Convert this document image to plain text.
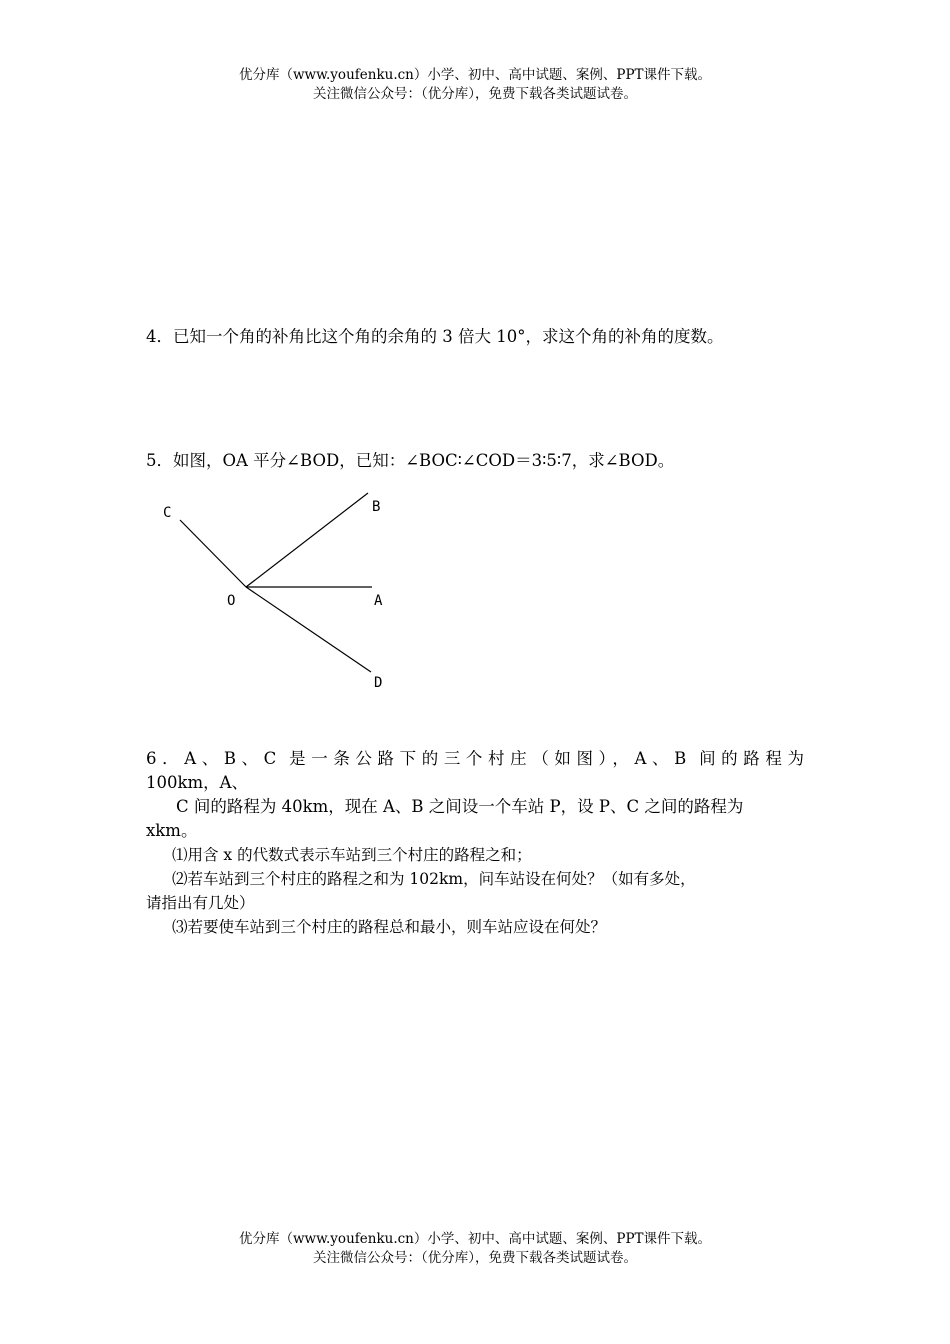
优分库（www.youfenku.cn）小学、初中、高中试题、案例、PPT课件下载。
关注微信公众号：（优分库），免费下载各类试题试卷。
4．已知一个角的补角比这个角的余角的 3 倍大 10°，求这个角的补角的度数。
5．如图，OA 平分∠BOD，已知：∠BOC∶∠COD＝3∶5∶7，求∠BOD。
C	B
O	A
D
6．A、B、C 是一条公路下的三个村庄（如图），A、B 间的路程为
100km，A、
C 间的路程为 40km，现在 A、B 之间设一个车站 P，设 P、C 之间的路程为
xkm。
⑴用含 x 的代数式表示车站到三个村庄的路程之和；
⑵若车站到三个村庄的路程之和为 102km，问车站设在何处？（如有多处，
请指出有几处）
⑶若要使车站到三个村庄的路程总和最小，则车站应设在何处？
优分库（www.youfenku.cn）小学、初中、高中试题、案例、PPT课件下载。
关注微信公众号：（优分库），免费下载各类试题试卷。
